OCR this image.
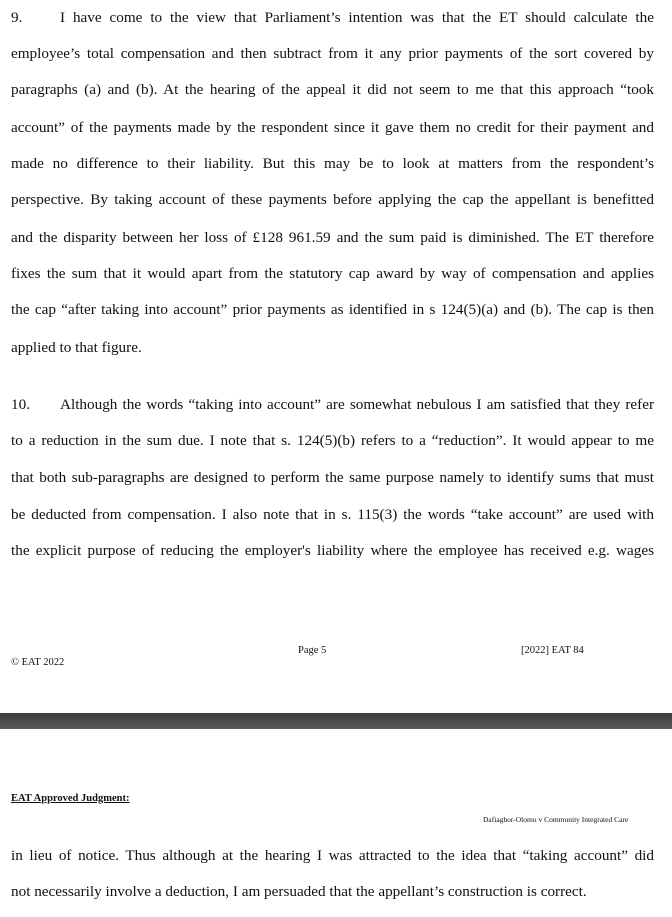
9. I have come to the view that Parliament’s intention was that the ET should calculate the
employee’s total compensation and then subtract from it any prior payments of the sort covered by
paragraphs (a) and (b). At the hearing of the appeal it did not seem to me that this approach “took
account” of the payments made by the respondent since it gave them no credit for their payment and
made no difference to their liability. But this may be to look at matters from the respondent’s
perspective. By taking account of these payments before applying the cap the appellant is benefitted
and the disparity between her loss of £128 961.59 and the sum paid is diminished. The ET therefore
fixes the sum that it would apart from the statutory cap award by way of compensation and applies
the cap “after taking into account” prior payments as identified in s 124(5)(a) and (b). The cap is then
applied to that figure.
10. Although the words “taking into account” are somewhat nebulous I am satisfied that they refer
to a reduction in the sum due. I note that s. 124(5)(b) refers to a “reduction”. It would appear to me
that both sub-paragraphs are designed to perform the same purpose namely to identify sums that must
be deducted from compensation. I also note that in s. 115(3) the words “take account” are used with
the explicit purpose of reducing the employer's liability where the employee has received e.g. wages
© EAT 2022
Page 5	[2022] EAT 84
EAT Approved Judgment:
Dafiaghor-Olomu v Community Integrated Care
in lieu of notice. Thus although at the hearing I was attracted to the idea that “taking account” did
not necessarily involve a deduction, I am persuaded that the appellant’s construction is correct.
